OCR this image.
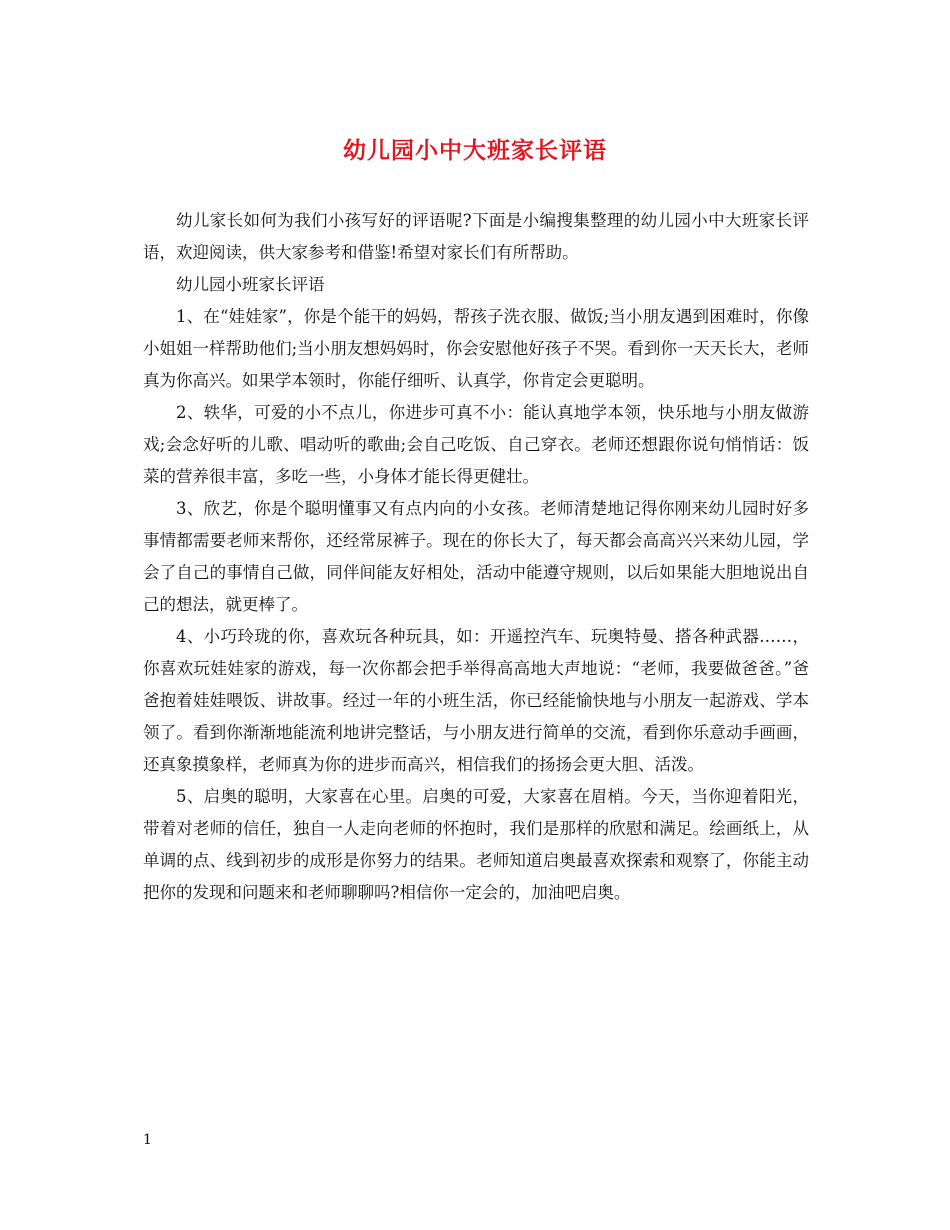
幼儿园小中大班家长评语

幼儿家长如何为我们小孩写好的评语呢?下面是小编搜集整理的幼儿园小中大班家长评语，欢迎阅读，供大家参考和借鉴!希望对家长们有所帮助。

幼儿园小班家长评语

1、在“娃娃家”，你是个能干的妈妈，帮孩子洗衣服、做饭;当小朋友遇到困难时，你像小姐姐一样帮助他们;当小朋友想妈妈时，你会安慰他好孩子不哭。看到你一天天长大，老师真为你高兴。如果学本领时，你能仔细听、认真学，你肯定会更聪明。

2、轶华，可爱的小不点儿，你进步可真不小：能认真地学本领，快乐地与小朋友做游戏;会念好听的儿歌、唱动听的歌曲;会自己吃饭、自己穿衣。老师还想跟你说句悄悄话：饭菜的营养很丰富，多吃一些，小身体才能长得更健壮。

3、欣艺，你是个聪明懂事又有点内向的小女孩。老师清楚地记得你刚来幼儿园时好多事情都需要老师来帮你，还经常尿裤子。现在的你长大了，每天都会高高兴兴来幼儿园，学会了自己的事情自己做，同伴间能友好相处，活动中能遵守规则，以后如果能大胆地说出自己的想法，就更棒了。

4、小巧玲珑的你，喜欢玩各种玩具，如：开遥控汽车、玩奥特曼、搭各种武器……，你喜欢玩娃娃家的游戏，每一次你都会把手举得高高地大声地说：“老师，我要做爸爸。”爸爸抱着娃娃喂饭、讲故事。经过一年的小班生活，你已经能愉快地与小朋友一起游戏、学本领了。看到你渐渐地能流利地讲完整话，与小朋友进行简单的交流，看到你乐意动手画画，还真象摸象样，老师真为你的进步而高兴，相信我们的扬扬会更大胆、活泼。

5、启奥的聪明，大家喜在心里。启奥的可爱，大家喜在眉梢。今天，当你迎着阳光，带着对老师的信任，独自一人走向老师的怀抱时，我们是那样的欣慰和满足。绘画纸上，从单调的点、线到初步的成形是你努力的结果。老师知道启奥最喜欢探索和观察了，你能主动把你的发现和问题来和老师聊聊吗?相信你一定会的，加油吧启奥。

1
